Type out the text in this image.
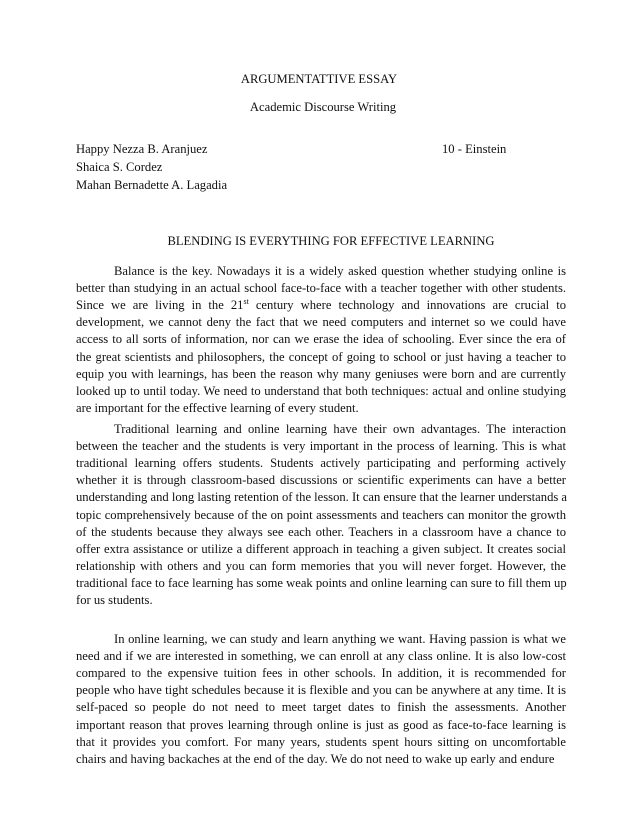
ARGUMENTATTIVE ESSAY
Academic Discourse Writing
Happy Nezza B. Aranjuez
Shaica S. Cordez
Mahan Bernadette A. Lagadia
10 - Einstein
BLENDING IS EVERYTHING FOR EFFECTIVE LEARNING
Balance is the key. Nowadays it is a widely asked question whether studying online is
better than studying in an actual school face-to-face with a teacher together with other students.
Since we are living in the 21st century where technology and innovations are crucial to
development, we cannot deny the fact that we need computers and internet so we could have
access to all sorts of information, nor can we erase the idea of schooling. Ever since the era of
the great scientists and philosophers, the concept of going to school or just having a teacher to
equip you with learnings, has been the reason why many geniuses were born and are currently
looked up to until today. We need to understand that both techniques: actual and online studying
are important for the effective learning of every student.
Traditional learning and online learning have their own advantages. The interaction
between the teacher and the students is very important in the process of learning. This is what
traditional learning offers students. Students actively participating and performing actively
whether it is through classroom-based discussions or scientific experiments can have a better
understanding and long lasting retention of the lesson. It can ensure that the learner understands a
topic comprehensively because of the on point assessments and teachers can monitor the growth
of the students because they always see each other. Teachers in a classroom have a chance to
offer extra assistance or utilize a different approach in teaching a given subject. It creates social
relationship with others and you can form memories that you will never forget. However, the
traditional face to face learning has some weak points and online learning can sure to fill them up
for us students.
In online learning, we can study and learn anything we want. Having passion is what we
need and if we are interested in something, we can enroll at any class online. It is also low-cost
compared to the expensive tuition fees in other schools. In addition, it is recommended for
people who have tight schedules because it is flexible and you can be anywhere at any time. It is
self-paced so people do not need to meet target dates to finish the assessments. Another
important reason that proves learning through online is just as good as face-to-face learning is
that it provides you comfort. For many years, students spent hours sitting on uncomfortable
chairs and having backaches at the end of the day. We do not need to wake up early and endure
